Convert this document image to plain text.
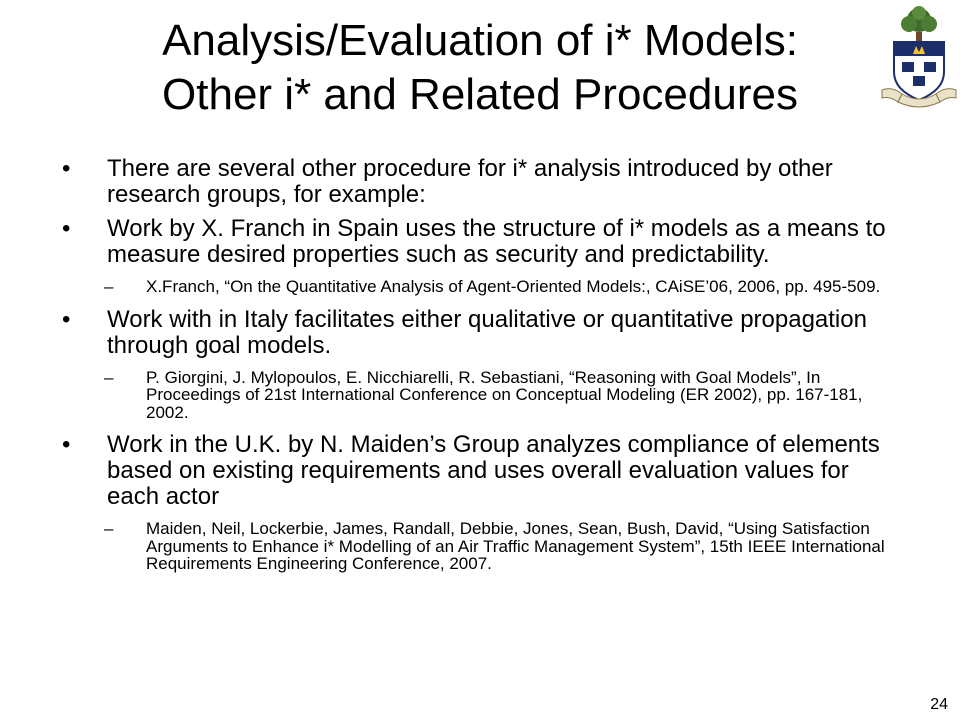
Analysis/Evaluation of i* Models:
Other i* and Related Procedures
•	There are several other procedure for i* analysis introduced by other research groups, for example:
•	Work by X. Franch in Spain uses the structure of i* models as a means to measure desired properties such as security and predictability.
–	X.Franch, “On the Quantitative Analysis of Agent-Oriented Models:, CAiSE’06, 2006, pp. 495-509.
•	Work with in Italy facilitates either qualitative or quantitative propagation through goal models.
–	P. Giorgini, J. Mylopoulos, E. Nicchiarelli, R. Sebastiani, “Reasoning with Goal Models”, In Proceedings of 21st International Conference on Conceptual Modeling (ER 2002), pp. 167-181, 2002.
•	Work in the U.K. by N. Maiden’s Group analyzes compliance of elements based on existing requirements and uses overall evaluation values for each actor
–	Maiden, Neil, Lockerbie, James, Randall, Debbie, Jones, Sean, Bush, David, “Using Satisfaction Arguments to Enhance i* Modelling of an Air Traffic Management System”, 15th IEEE International Requirements Engineering Conference, 2007.
24
